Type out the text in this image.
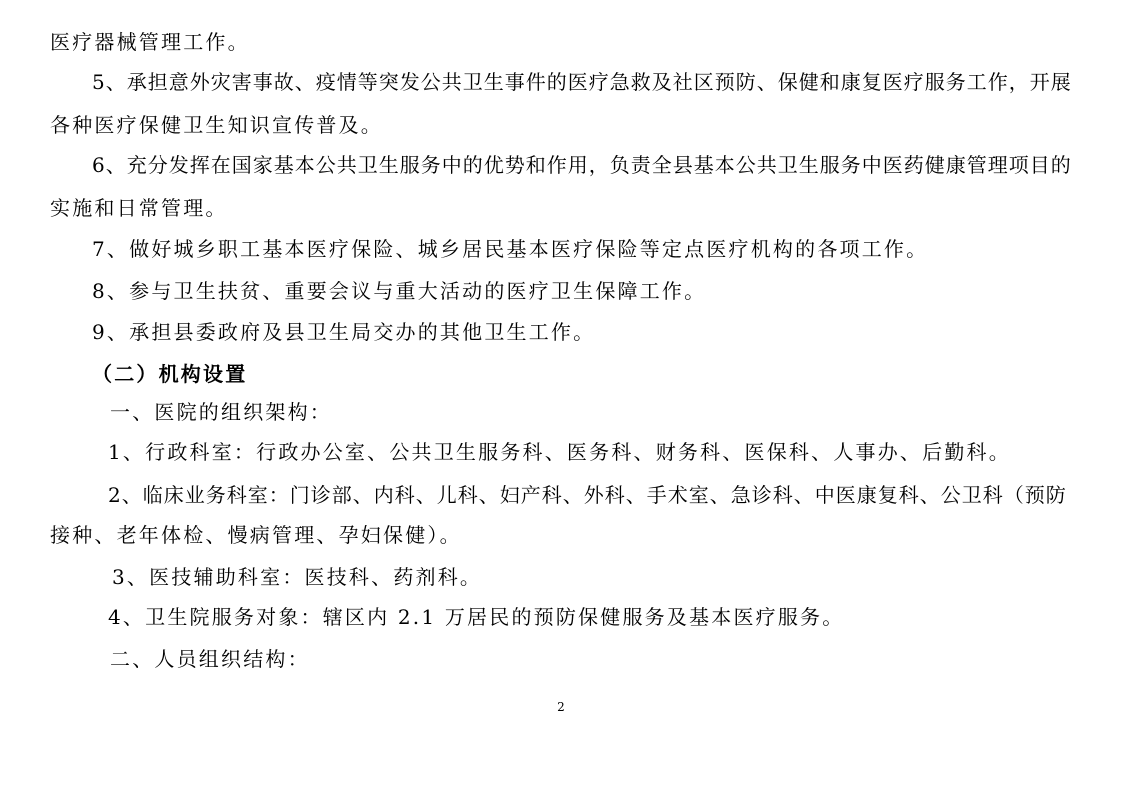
医疗器械管理工作。
5、承担意外灾害事故、疫情等突发公共卫生事件的医疗急救及社区预防、保健和康复医疗服务工作，开展
各种医疗保健卫生知识宣传普及。
6、充分发挥在国家基本公共卫生服务中的优势和作用，负责全县基本公共卫生服务中医药健康管理项目的
实施和日常管理。
7、做好城乡职工基本医疗保险、城乡居民基本医疗保险等定点医疗机构的各项工作。
8、参与卫生扶贫、重要会议与重大活动的医疗卫生保障工作。
9、承担县委政府及县卫生局交办的其他卫生工作。
（二）机构设置
一、医院的组织架构：
1、行政科室：行政办公室、公共卫生服务科、医务科、财务科、医保科、人事办、后勤科。
2、临床业务科室：门诊部、内科、儿科、妇产科、外科、手术室、急诊科、中医康复科、公卫科（预防
接种、老年体检、慢病管理、孕妇保健）。
3、医技辅助科室：医技科、药剂科。
4、卫生院服务对象：辖区内 2.1 万居民的预防保健服务及基本医疗服务。
二、人员组织结构：
2
